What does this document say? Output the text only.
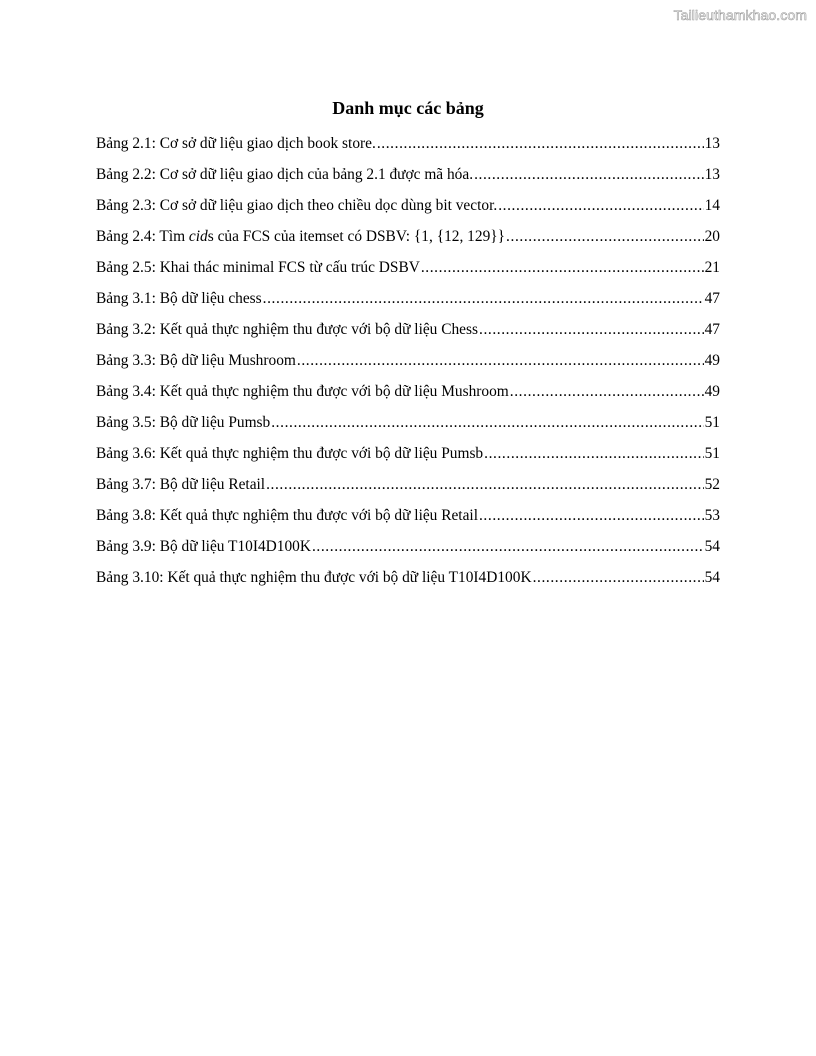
Tailieuthamkhao.com
Danh mục các bảng
Bảng 2.1: Cơ sở dữ liệu giao dịch book store. .....	13
Bảng 2.2: Cơ sở dữ liệu giao dịch của bảng 2.1 được mã hóa. .....	13
Bảng 2.3: Cơ sở dữ liệu giao dịch theo chiều dọc dùng bit vector. .....	14
Bảng 2.4: Tìm cids của FCS của itemset có DSBV: {1, {12, 129}} .....	20
Bảng 2.5: Khai thác minimal FCS từ cấu trúc DSBV .....	21
Bảng 3.1: Bộ dữ liệu chess .....	47
Bảng 3.2: Kết quả thực nghiệm thu được với bộ dữ liệu Chess .....	47
Bảng 3.3: Bộ dữ liệu Mushroom .....	49
Bảng 3.4: Kết quả thực nghiệm thu được với bộ dữ liệu Mushroom .....	49
Bảng 3.5: Bộ dữ liệu Pumsb .....	51
Bảng 3.6: Kết quả thực nghiệm thu được với bộ dữ liệu Pumsb .....	51
Bảng 3.7: Bộ dữ liệu Retail .....	52
Bảng 3.8: Kết quả thực nghiệm thu được với bộ dữ liệu Retail .....	53
Bảng 3.9: Bộ dữ liệu T10I4D100K .....	54
Bảng 3.10: Kết quả thực nghiệm thu được với bộ dữ liệu T10I4D100K .....	54
